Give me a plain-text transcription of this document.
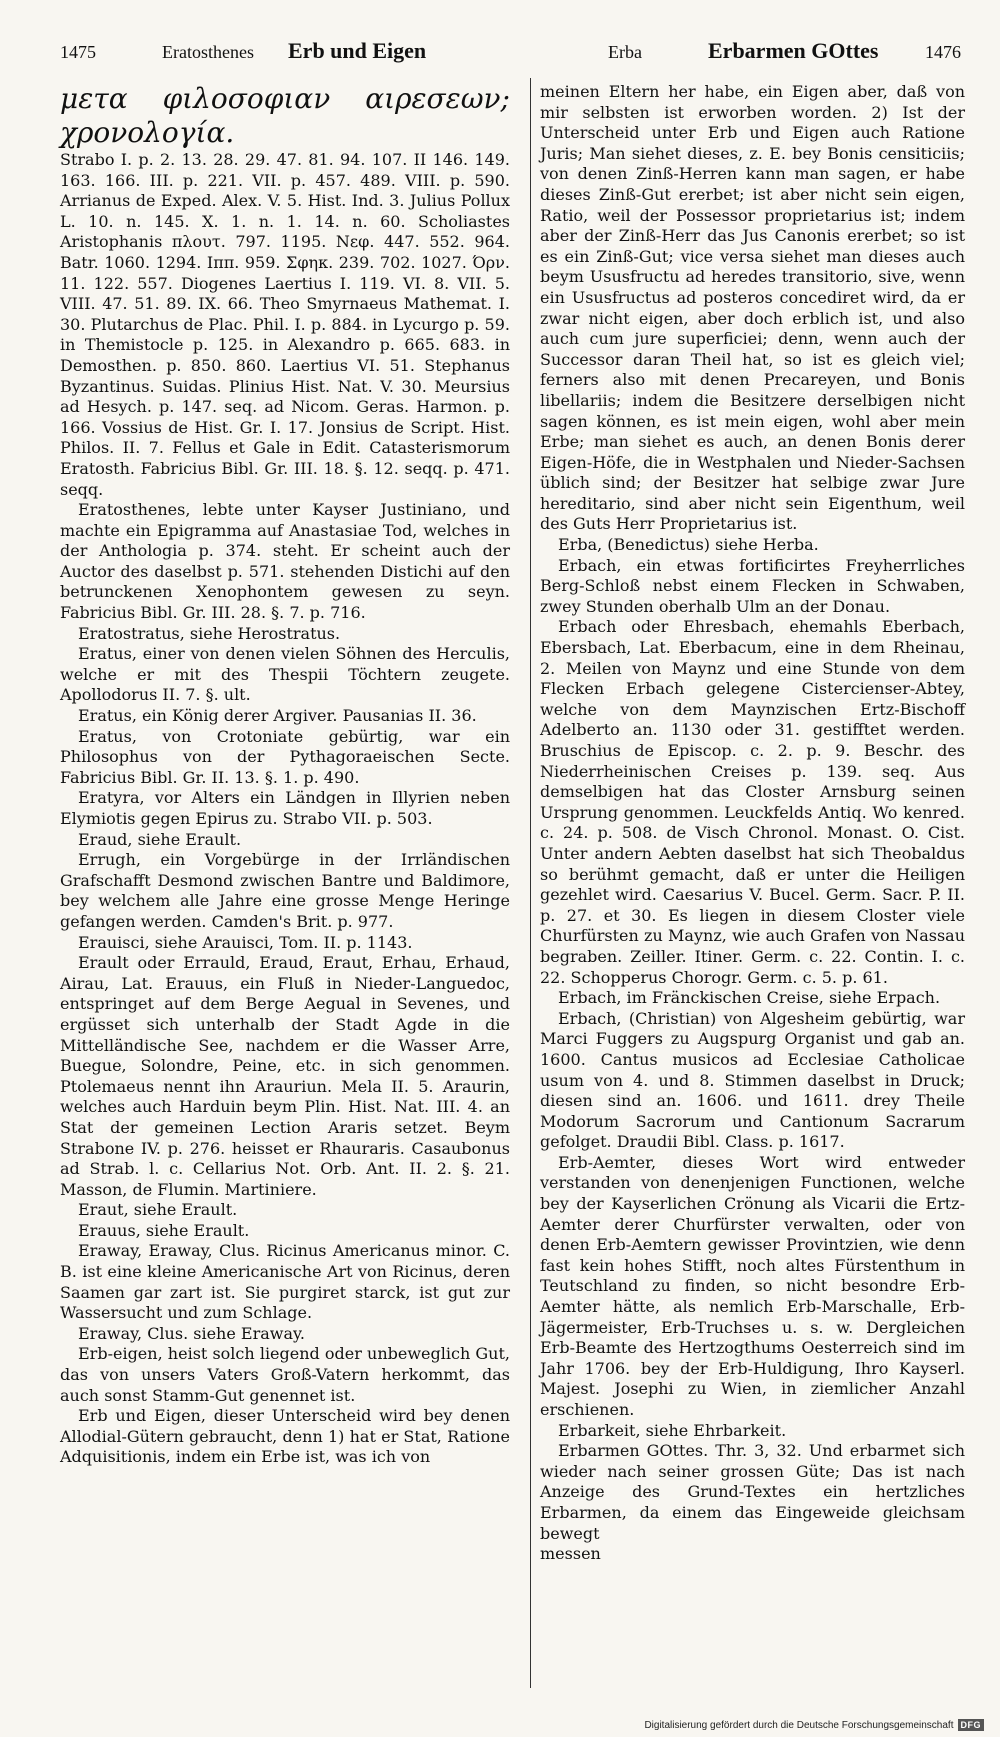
1475	Eratosthenes Erb und Eigen	Erba	Erbarmen GOttes	1476

μετα φιλοσοφιαν αιρεσεων; χρονολογία.

Strabo I. p. 2. 13. 28. 29. 47. 81. 94. 107. II 146. 149. 163. 166. III. p. 221. VII. p. 457. 489. VIII. p. 590. Arrianus de Exped. Alex. V. 5. Hist. Ind. 3. Julius Pollux L. 10. n. 145. X. 1. n. 1. 14. n. 60. Scholiastes Aristophanis πλουτ. 797. 1195. Νεφ. 447. 552. 964. Batr. 1060. 1294. Ιππ. 959. Σφηκ. 239. 702. 1027. Όρν. 11. 122. 557. Diogenes Laertius I. 119. VI. 8. VII. 5. VIII. 47. 51. 89. IX. 66. Theo Smyrnaeus Mathemat. I. 30. Plutarchus de Plac. Phil. I. p. 884. in Lycurgo p. 59. in Themistocle p. 125. in Alexandro p. 665. 683. in Demosthen. p. 850. 860. Laertius VI. 51. Stephanus Byzantinus. Suidas. Plinius Hist. Nat. V. 30. Meursius ad Hesych. p. 147. seq. ad Nicom. Geras. Harmon. p. 166. Vossius de Hist. Gr. I. 17. Jonsius de Script. Hist. Philos. II. 7. Fellus et Gale in Edit. Catasterismorum Eratosth. Fabricius Bibl. Gr. III. 18. §. 12. seqq. p. 471. seqq.

Eratosthenes, lebte unter Kayser Justiniano, und machte ein Epigramma auf Anastasiae Tod, welches in der Anthologia p. 374. steht. Er scheint auch der Auctor des daselbst p. 571. stehenden Distichi auf den betrunckenen Xenophontem gewesen zu seyn. Fabricius Bibl. Gr. III. 28. §. 7. p. 716.

Eratostratus, siehe Herostratus.

Eratus, einer von denen vielen Söhnen des Herculis, welche er mit des Thespii Töchtern zeugete. Apollodorus II. 7. §. ult.

Eratus, ein König derer Argiver. Pausanias II. 36.

Eratus, von Crotoniate gebürtig, war ein Philosophus von der Pythagoraeischen Secte. Fabricius Bibl. Gr. II. 13. §. 1. p. 490.

Eratyra, vor Alters ein Ländgen in Illyrien neben Elymiotis gegen Epirus zu. Strabo VII. p. 503.

Eraud, siehe Erault.

Errugh, ein Vorgebürge in der Irrländischen Grafschafft Desmond zwischen Bantre und Baldimore, bey welchem alle Jahre eine grosse Menge Heringe gefangen werden. Camden's Brit. p. 977.

Erauisci, siehe Arauisci, Tom. II. p. 1143.

Erault oder Errauld, Eraud, Eraut, Erhau, Erhaud, Airau, Lat. Erauus, ein Fluß in Nieder-Languedoc, entspringet auf dem Berge Aegual in Sevenes, und ergüsset sich unterhalb der Stadt Agde in die Mittelländische See, nachdem er die Wasser Arre, Buegue, Solondre, Peine, etc. in sich genommen. Ptolemaeus nennt ihn Arauriun. Mela II. 5. Araurin, welches auch Harduin beym Plin. Hist. Nat. III. 4. an Stat der gemeinen Lection Araris setzet. Beym Strabone IV. p. 276. heisset er Rhauraris. Casaubonus ad Strab. l. c. Cellarius Not. Orb. Ant. II. 2. §. 21. Masson, de Flumin. Martiniere.

Eraut, siehe Erault.

Erauus, siehe Erault.

Eraway, Eraway, Clus. Ricinus Americanus minor. C. B. ist eine kleine Americanische Art von Ricinus, deren Saamen gar zart ist. Sie purgiret starck, ist gut zur Wassersucht und zum Schlage.

Eraway, Clus. siehe Eraway.

Erb-eigen, heist solch liegend oder unbeweglich Gut, das von unsers Vaters Groß-Vatern herkommt, das auch sonst Stamm-Gut genennet ist.

Erb und Eigen, dieser Unterscheid wird bey denen Allodial-Gütern gebraucht, denn 1) hat er Stat, Ratione Adquisitionis, indem ein Erbe ist, was ich von

meinen Eltern her habe, ein Eigen aber, daß von mir selbsten ist erworben worden. 2) Ist der Unterscheid unter Erb und Eigen auch Ratione Juris; Man siehet dieses, z. E. bey Bonis censiticiis; von denen Zinß-Herren kann man sagen, er habe dieses Zinß-Gut ererbet; ist aber nicht sein eigen, Ratio, weil der Possessor proprietarius ist; indem aber der Zinß-Herr das Jus Canonis ererbet; so ist es ein Zinß-Gut; vice versa siehet man dieses auch beym Ususfructu ad heredes transitorio, sive, wenn ein Ususfructus ad posteros concediret wird, da er zwar nicht eigen, aber doch erblich ist, und also auch cum jure superficiei; denn, wenn auch der Successor daran Theil hat, so ist es gleich viel; ferners also mit denen Precareyen, und Bonis libellariis; indem die Besitzere derselbigen nicht sagen können, es ist mein eigen, wohl aber mein Erbe; man siehet es auch, an denen Bonis derer Eigen-Höfe, die in Westphalen und Nieder-Sachsen üblich sind; der Besitzer hat selbige zwar Jure hereditario, sind aber nicht sein Eigenthum, weil des Guts Herr Proprietarius ist.

Erba, (Benedictus) siehe Herba.

Erbach, ein etwas fortificirtes Freyherrliches Berg-Schloß nebst einem Flecken in Schwaben, zwey Stunden oberhalb Ulm an der Donau.

Erbach oder Ehresbach, ehemahls Eberbach, Ebersbach, Lat. Eberbacum, eine in dem Rheinau, 2. Meilen von Maynz und eine Stunde von dem Flecken Erbach gelegene Cistercienser-Abtey, welche von dem Maynzischen Ertz-Bischoff Adelberto an. 1130 oder 31. gestifftet werden. Bruschius de Episcop. c. 2. p. 9. Beschr. des Niederrheinischen Creises p. 139. seq. Aus demselbigen hat das Closter Arnsburg seinen Ursprung genommen. Leuckfelds Antiq. Wo kenred. c. 24. p. 508. de Visch Chronol. Monast. O. Cist. Unter andern Aebten daselbst hat sich Theobaldus so berühmt gemacht, daß er unter die Heiligen gezehlet wird. Caesarius V. Bucel. Germ. Sacr. P. II. p. 27. et 30. Es liegen in diesem Closter viele Churfürsten zu Maynz, wie auch Grafen von Nassau begraben. Zeiller. Itiner. Germ. c. 22. Contin. I. c. 22. Schopperus Chorogr. Germ. c. 5. p. 61.

Erbach, im Fränckischen Creise, siehe Erpach.

Erbach, (Christian) von Algesheim gebürtig, war Marci Fuggers zu Augspurg Organist und gab an. 1600. Cantus musicos ad Ecclesiae Catholicae usum von 4. und 8. Stimmen daselbst in Druck; diesen sind an. 1606. und 1611. drey Theile Modorum Sacrorum und Cantionum Sacrarum gefolget. Draudii Bibl. Class. p. 1617.

Erb-Aemter, dieses Wort wird entweder verstanden von denenjenigen Functionen, welche bey der Kayserlichen Crönung als Vicarii die Ertz-Aemter derer Churfürster verwalten, oder von denen Erb-Aemtern gewisser Provintzien, wie denn fast kein hohes Stifft, noch altes Fürstenthum in Teutschland zu finden, so nicht besondre Erb-Aemter hätte, als nemlich Erb-Marschalle, Erb-Jägermeister, Erb-Truchses u. s. w. Dergleichen Erb-Beamte des Hertzogthums Oesterreich sind im Jahr 1706. bey der Erb-Huldigung, Ihro Kayserl. Majest. Josephi zu Wien, in ziemlicher Anzahl erschienen.

Erbarkeit, siehe Ehrbarkeit.

Erbarmen GOttes. Thr. 3, 32. Und erbarmet sich wieder nach seiner grossen Güte; Das ist nach Anzeige des Grund-Textes ein hertzliches Erbarmen, da einem das Eingeweide gleichsam bewegt

messen

Digitalisierung gefördert durch die Deutsche Forschungsgemeinschaft DFG
